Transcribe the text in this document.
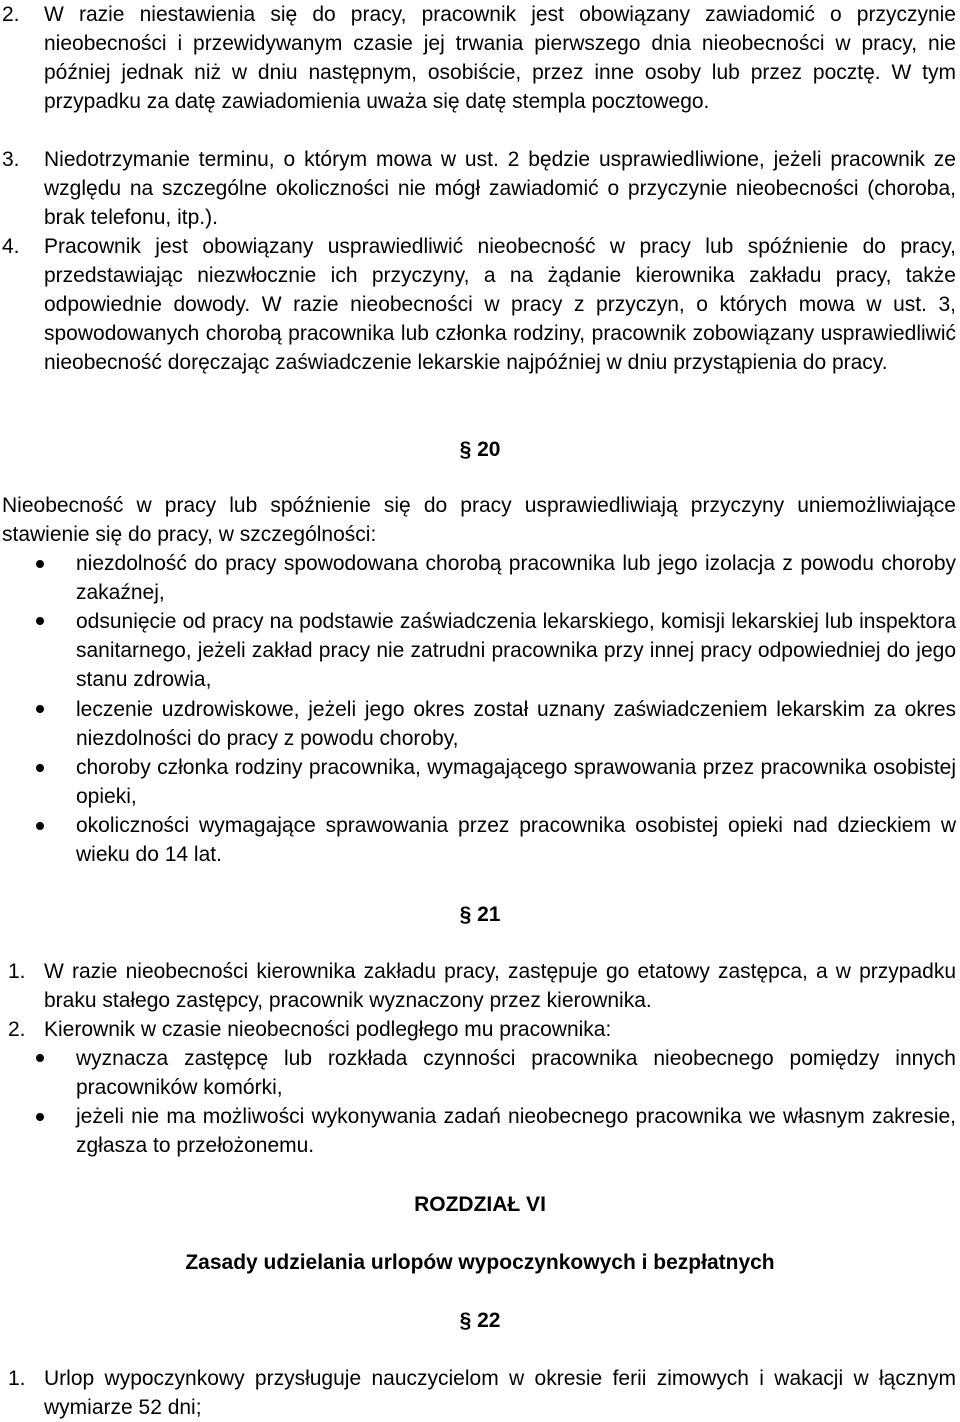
2. W razie niestawienia się do pracy, pracownik jest obowiązany zawiadomić o przyczynie nieobecności i przewidywanym czasie jej trwania pierwszego dnia nieobecności w pracy, nie później jednak niż w dniu następnym, osobiście, przez inne osoby lub przez pocztę. W tym przypadku za datę zawiadomienia uważa się datę stempla pocztowego.
3. Niedotrzymanie terminu, o którym mowa w ust. 2 będzie usprawiedliwione, jeżeli pracownik ze względu na szczególne okoliczności nie mógł zawiadomić o przyczynie nieobecności (choroba, brak telefonu, itp.).
4. Pracownik jest obowiązany usprawiedliwić nieobecność w pracy lub spóźnienie do pracy, przedstawiając niezwłocznie ich przyczyny, a na żądanie kierownika zakładu pracy, także odpowiednie dowody. W razie nieobecności w pracy z przyczyn, o których mowa w ust. 3, spowodowanych chorobą pracownika lub członka rodziny, pracownik zobowiązany usprawiedliwić nieobecność doręczając zaświadczenie lekarskie najpóźniej w dniu przystąpienia do pracy.
§ 20
Nieobecność w pracy lub spóźnienie się do pracy usprawiedliwiają przyczyny uniemożliwiające stawienie się do pracy, w szczególności:
niezdolność do pracy spowodowana chorobą pracownika lub jego izolacja z powodu choroby zakaźnej,
odsunięcie od pracy na podstawie zaświadczenia lekarskiego, komisji lekarskiej lub inspektora sanitarnego, jeżeli zakład pracy nie zatrudni pracownika przy innej pracy odpowiedniej do jego stanu zdrowia,
leczenie uzdrowiskowe, jeżeli jego okres został uznany zaświadczeniem lekarskim za okres niezdolności do pracy z powodu choroby,
choroby członka rodziny pracownika, wymagającego sprawowania przez pracownika osobistej opieki,
okoliczności wymagające sprawowania przez pracownika osobistej opieki nad dzieckiem w wieku do 14 lat.
§ 21
1. W razie nieobecności kierownika zakładu pracy, zastępuje go etatowy zastępca, a w przypadku braku stałego zastępcy, pracownik wyznaczony przez kierownika.
2. Kierownik w czasie nieobecności podległego mu pracownika:
wyznacza zastępcę lub rozkłada czynności pracownika nieobecnego pomiędzy innych pracowników komórki,
jeżeli nie ma możliwości wykonywania zadań nieobecnego pracownika we własnym zakresie, zgłasza to przełożonemu.
ROZDZIAŁ VI
Zasady udzielania urlopów wypoczynkowych i bezpłatnych
§ 22
1. Urlop wypoczynkowy przysługuje nauczycielom w okresie ferii zimowych i wakacji w łącznym wymiarze 52 dni;
